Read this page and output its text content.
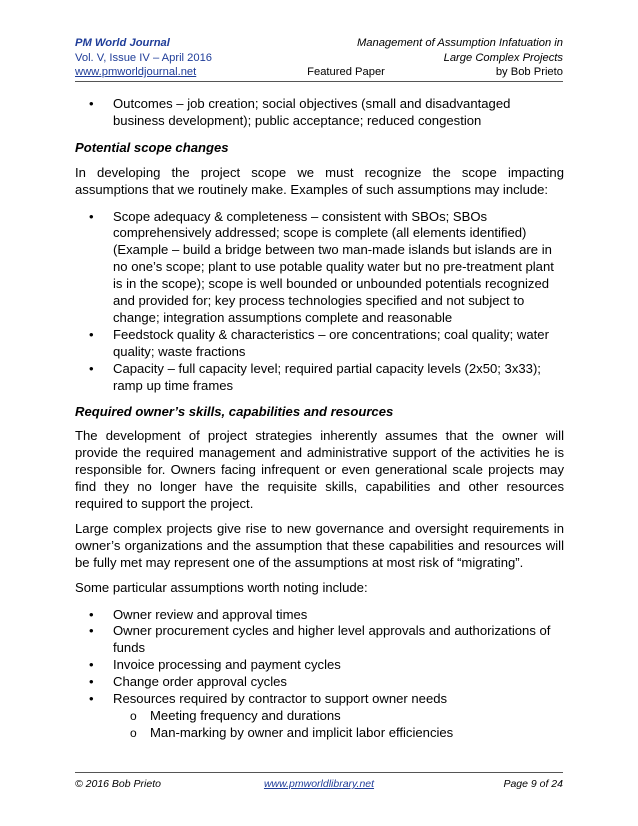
PM World Journal	Management of Assumption Infatuation in
Vol. V, Issue IV – April 2016	Large Complex Projects
www.pmworldjournal.net	Featured Paper	by Bob Prieto
• Outcomes – job creation; social objectives (small and disadvantaged business development); public acceptance; reduced congestion
Potential scope changes

In developing the project scope we must recognize the scope impacting assumptions that we routinely make. Examples of such assumptions may include:

• Scope adequacy & completeness – consistent with SBOs; SBOs comprehensively addressed; scope is complete (all elements identified)(Example – build a bridge between two man-made islands but islands are in no one’s scope; plant to use potable quality water but no pre-treatment plant is in the scope); scope is well bounded or unbounded potentials recognized and provided for; key process technologies specified and not subject to change; integration assumptions complete and reasonable
• Feedstock quality & characteristics – ore concentrations; coal quality; water quality; waste fractions
• Capacity – full capacity level; required partial capacity levels (2x50; 3x33); ramp up time frames
Required owner’s skills, capabilities and resources

The development of project strategies inherently assumes that the owner will provide the required management and administrative support of the activities he is responsible for. Owners facing infrequent or even generational scale projects may find they no longer have the requisite skills, capabilities and other resources required to support the project.

Large complex projects give rise to new governance and oversight requirements in owner’s organizations and the assumption that these capabilities and resources will be fully met may represent one of the assumptions at most risk of “migrating”.

Some particular assumptions worth noting include:

• Owner review and approval times
• Owner procurement cycles and higher level approvals and authorizations of funds
• Invoice processing and payment cycles
• Change order approval cycles
• Resources required by contractor to support owner needs
o Meeting frequency and durations
o Man-marking by owner and implicit labor efficiencies
© 2016 Bob Prieto	www.pmworldlibrary.net	Page 9 of 24
